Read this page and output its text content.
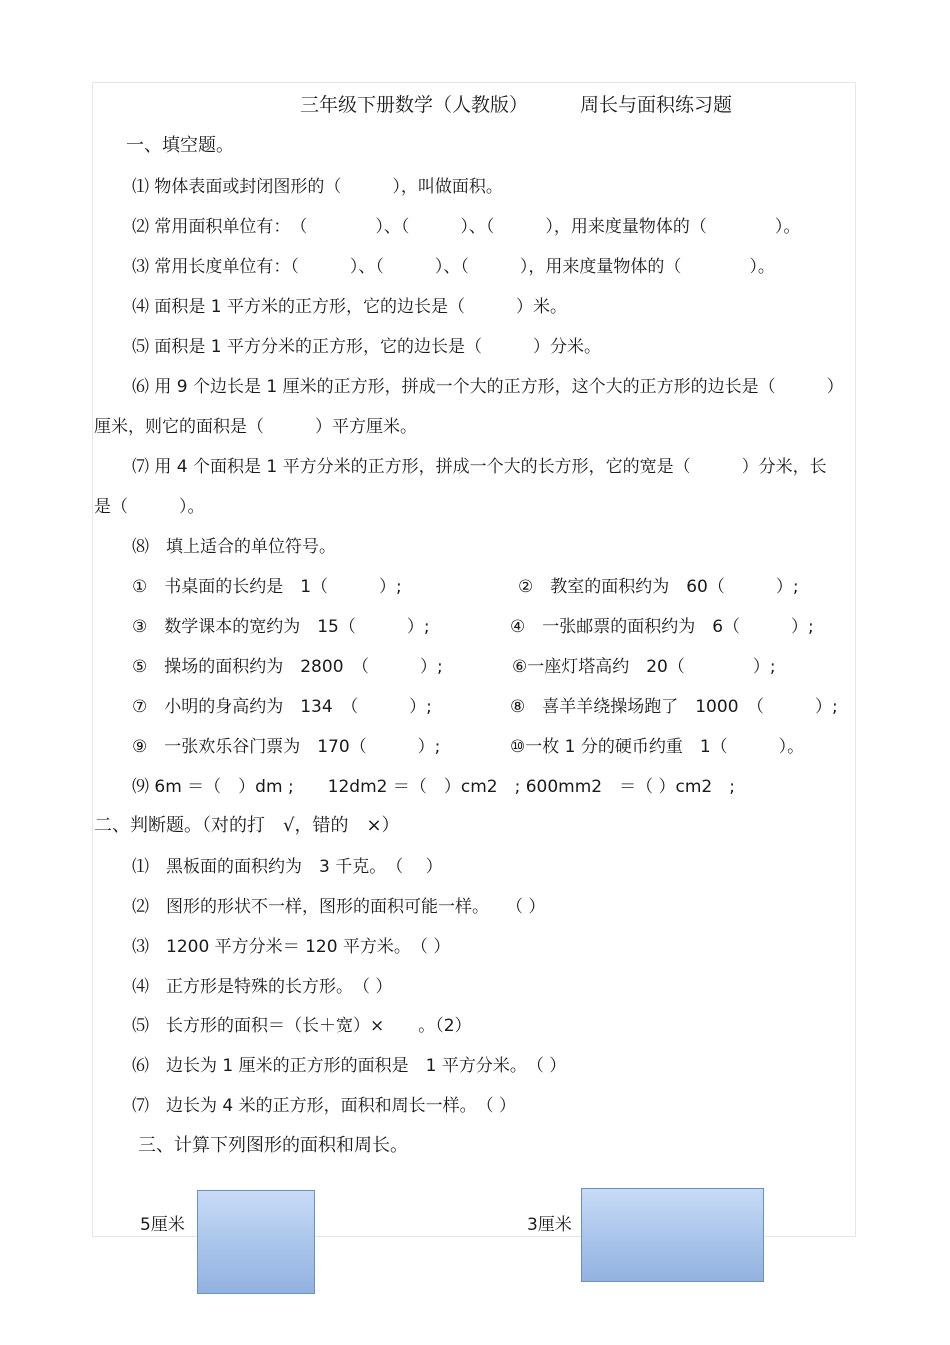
三年级下册数学（人教版）	周长与面积练习题
一、填空题。
⑴ 物体表面或封闭图形的（　　　），叫做面积。
⑵ 常用面积单位有：　（　　　　）、（　　　）、（　　　），用来度量物体的（　　　　）。
⑶ 常用长度单位有：（　　　）、（　　　）、（　　　），用来度量物体的（　　　　）。
⑷ 面积是 1 平方米的正方形，它的边长是（　　　）米。
⑸ 面积是 1 平方分米的正方形，它的边长是（　　　）分米。
⑹ 用 9 个边长是 1 厘米的正方形，拼成一个大的正方形，这个大的正方形的边长是（　　　）
厘米，则它的面积是（　　　）平方厘米。
⑺ 用 4 个面积是 1 平方分米的正方形，拼成一个大的长方形，它的宽是（　　　）分米，长
是（　　　）。
⑻　填上适合的单位符号。
①　书桌面的长约是　1（　　　）;
③　数学课本的宽约为　15（　　　）;
⑤　操场的面积约为　2800　（　　　）;
⑦　小明的身高约为　134　（　　　）;
⑨　一张欢乐谷门票为　170（　　　）;
②　教室的面积约为　60（　　　）;
④　一张邮票的面积约为　6（　　　）;
⑥一座灯塔高约　20（　　　　）;
⑧　喜羊羊绕操场跑了　1000　（　　　）;
⑩一枚 1 分的硬币约重　1（　　　）。
⑼ 6m ＝（　）dm ;　　12dm2 ＝（　）cm2　; 600mm2　＝（ ）cm2　;
二、判断题。（对的打　√，错的　×）
⑴　黑板面的面积约为　3 千克。　（　 ）
⑵　图形的形状不一样，图形的面积可能一样。　　（ ）
⑶　1200 平方分米＝ 120 平方米。　（ ）
⑷　正方形是特殊的长方形。　（ ）
⑸　长方形的面积＝（长＋宽）×　　。（2）
⑹　边长为 1 厘米的正方形的面积是　1 平方分米。　（ ）
⑺　边长为 4 米的正方形，面积和周长一样。　（ ）
三、计算下列图形的面积和周长。
5厘米	3厘米
